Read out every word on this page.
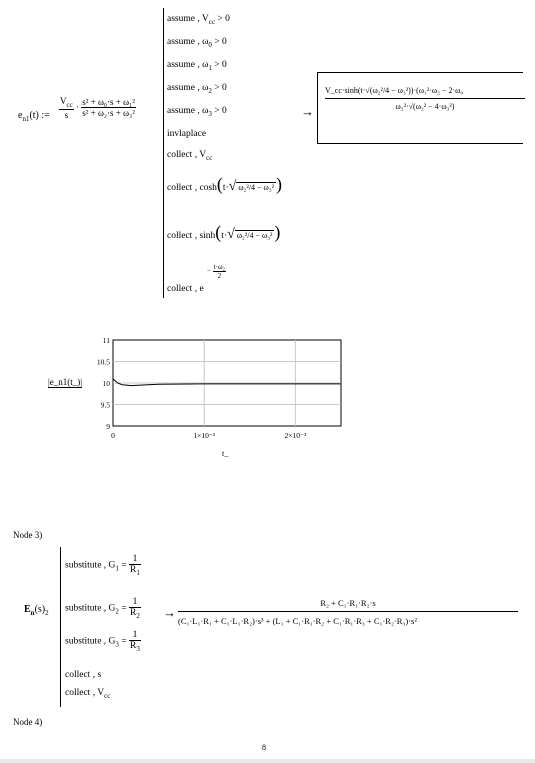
$e_{n1}(t)$ := $\frac{V_{cc}}{s} \cdot \frac{\text{s² + ω₀·s + ω₁²}}{\text{s² + ω₂·s + ω₃²}}$
assume , $V_{cc} > 0$
assume , $\omega_0 > 0$
assume , $\omega_1 > 0$
assume , $\omega_2 > 0$
assume , $\omega_3 > 0$
invlaplace
collect , $V_{cc}$
collect , cosh(t·√ ω₂²/4 − ω₃² )
collect , sinh(t·√ ω₂²/4 − ω₃² )
− $\frac{\text{t·ω₂}}{2}$
collect , e
→
V_cc·sinh(t·√(ω₂²/4 − ω₃²))·(ω₁²·ω₂ − 2·ω₀
ω₃²·√(ω₂² − 4·ω₃²)
|e_n1(t_)|
t_
11
10.5
10
9.5
9
0	1×10⁻³	2×10⁻³
Node 3)
$E_n(s)_2$
substitute , $G_1 = \frac{1}{R_1}$
substitute , $G_2 = \frac{1}{R_2}$
substitute , $G_3 = \frac{1}{R_3}$
collect , s
collect , $V_{cc}$
→
R₂ + C₁·R₁·R₂·s
(C₁·L₁·R₁ + C₁·L₁·R₂)·s³ + (L₁ + C₁·R₁·R₂ + C₁·R₁·R₃ + C₁·R₂·R₃)·s²
Node 4)
8
